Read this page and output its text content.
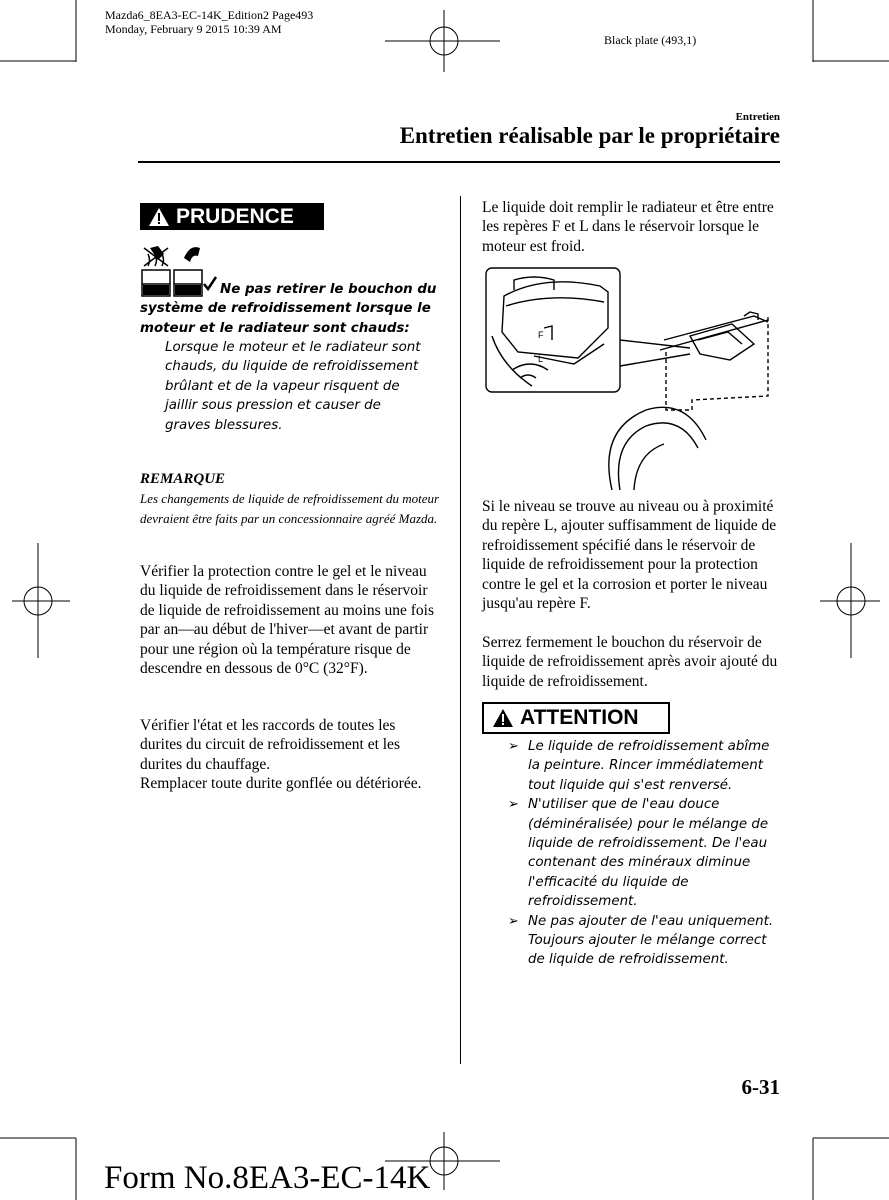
Mazda6_8EA3-EC-14K_Edition2 Page493
Monday, February 9 2015 10:39 AM
Black plate (493,1)
Entretien
Entretien réalisable par le propriétaire
PRUDENCE
Ne pas retirer le bouchon du système de refroidissement lorsque le moteur et le radiateur sont chauds:
Lorsque le moteur et le radiateur sont chauds, du liquide de refroidissement brûlant et de la vapeur risquent de jaillir sous pression et causer de graves blessures.
REMARQUE
Les changements de liquide de refroidissement du moteur devraient être faits par un concessionnaire agréé Mazda.
Vérifier la protection contre le gel et le niveau du liquide de refroidissement dans le réservoir de liquide de refroidissement au moins une fois par an—au début de l'hiver—et avant de partir pour une région où la température risque de descendre en dessous de 0°C (32°F).
Vérifier l'état et les raccords de toutes les durites du circuit de refroidissement et les durites du chauffage.
Remplacer toute durite gonflée ou détériorée.
Le liquide doit remplir le radiateur et être entre les repères F et L dans le réservoir lorsque le moteur est froid.
F
L
Si le niveau se trouve au niveau ou à proximité du repère L, ajouter suffisamment de liquide de refroidissement spécifié dans le réservoir de liquide de refroidissement pour la protection contre le gel et la corrosion et porter le niveau jusqu'au repère F.
Serrez fermement le bouchon du réservoir de liquide de refroidissement après avoir ajouté du liquide de refroidissement.
ATTENTION
➢ Le liquide de refroidissement abîme la peinture. Rincer immédiatement tout liquide qui s'est renversé.
➢ N'utiliser que de l'eau douce (déminéralisée) pour le mélange de liquide de refroidissement. De l'eau contenant des minéraux diminue l'efficacité du liquide de refroidissement.
➢ Ne pas ajouter de l'eau uniquement. Toujours ajouter le mélange correct de liquide de refroidissement.
6-31
Form No.8EA3-EC-14K
